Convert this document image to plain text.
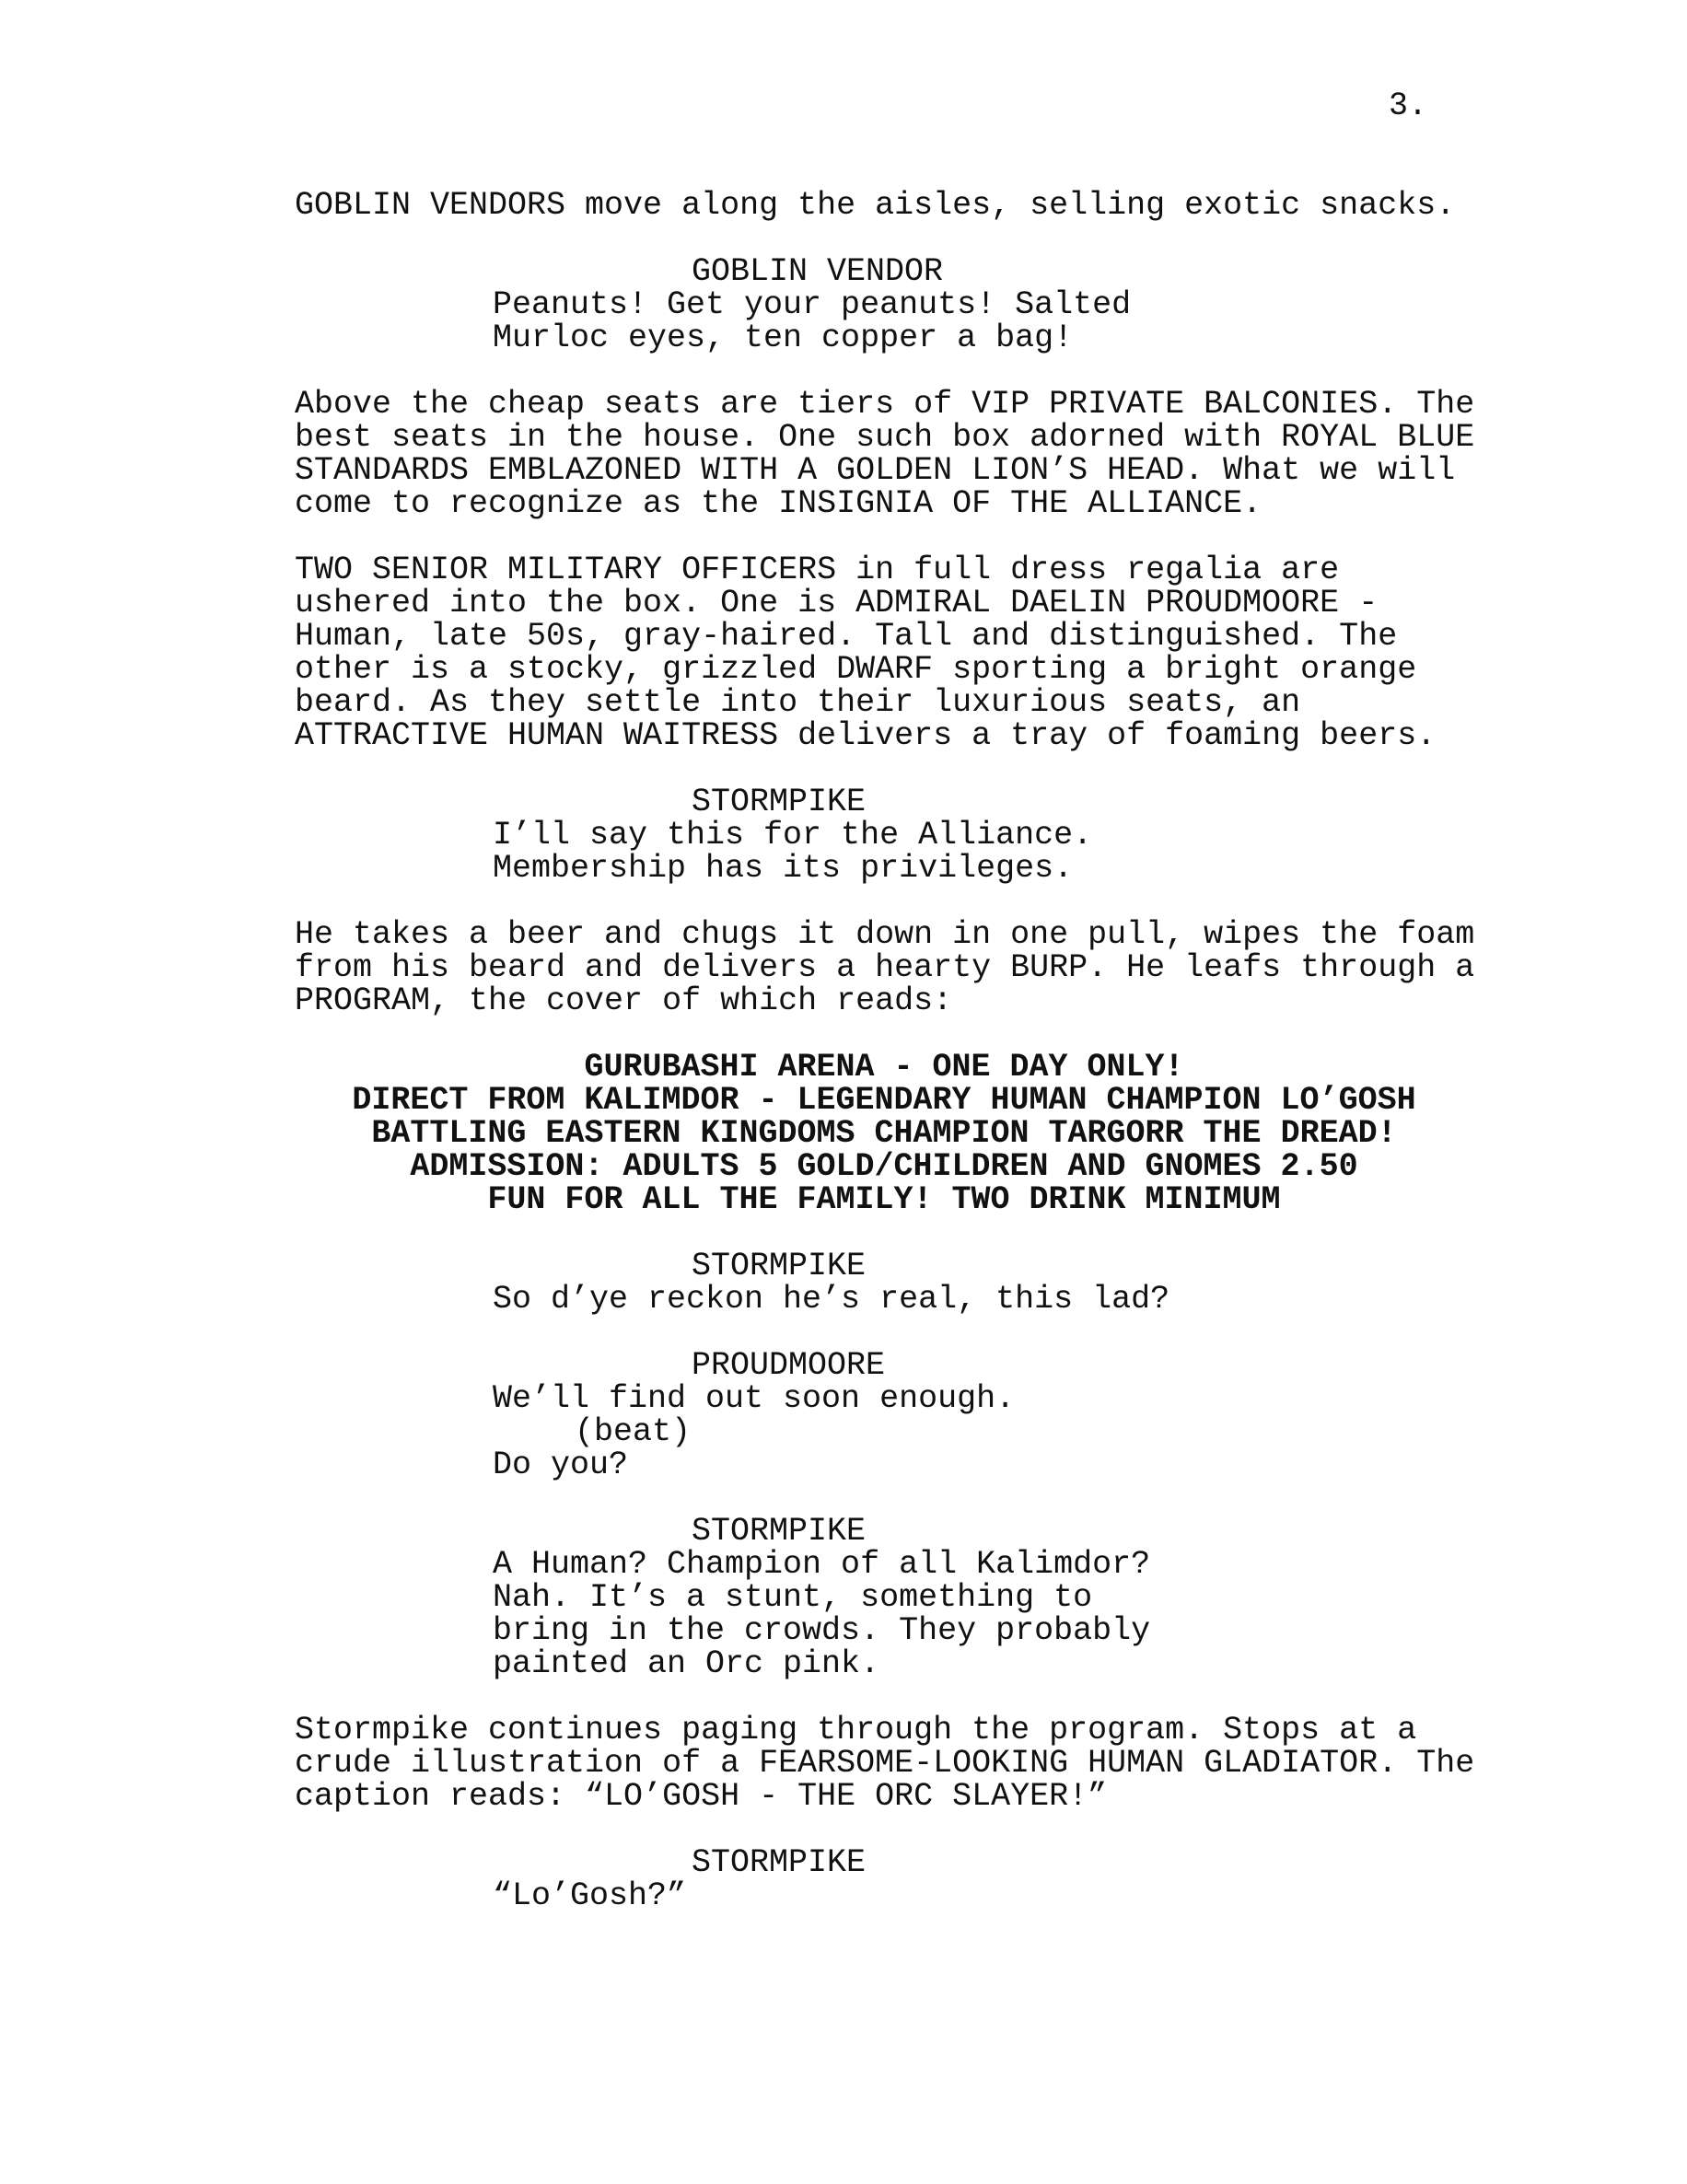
3.
GOBLIN VENDORS move along the aisles, selling exotic snacks.
GOBLIN VENDOR
Peanuts! Get your peanuts! Salted
Murloc eyes, ten copper a bag!
Above the cheap seats are tiers of VIP PRIVATE BALCONIES. The
best seats in the house. One such box adorned with ROYAL BLUE
STANDARDS EMBLAZONED WITH A GOLDEN LION’S HEAD. What we will
come to recognize as the INSIGNIA OF THE ALLIANCE.
TWO SENIOR MILITARY OFFICERS in full dress regalia are
ushered into the box. One is ADMIRAL DAELIN PROUDMOORE -
Human, late 50s, gray-haired. Tall and distinguished. The
other is a stocky, grizzled DWARF sporting a bright orange
beard. As they settle into their luxurious seats, an
ATTRACTIVE HUMAN WAITRESS delivers a tray of foaming beers.
STORMPIKE
I’ll say this for the Alliance.
Membership has its privileges.
He takes a beer and chugs it down in one pull, wipes the foam
from his beard and delivers a hearty BURP. He leafs through a
PROGRAM, the cover of which reads:
GURUBASHI ARENA - ONE DAY ONLY!
DIRECT FROM KALIMDOR - LEGENDARY HUMAN CHAMPION LO’GOSH
BATTLING EASTERN KINGDOMS CHAMPION TARGORR THE DREAD!
ADMISSION: ADULTS 5 GOLD/CHILDREN AND GNOMES 2.50
FUN FOR ALL THE FAMILY! TWO DRINK MINIMUM
STORMPIKE
So d’ye reckon he’s real, this lad?
PROUDMOORE
We’ll find out soon enough.
(beat)
Do you?
STORMPIKE
A Human? Champion of all Kalimdor?
Nah. It’s a stunt, something to
bring in the crowds. They probably
painted an Orc pink.
Stormpike continues paging through the program. Stops at a
crude illustration of a FEARSOME-LOOKING HUMAN GLADIATOR. The
caption reads: “LO’GOSH - THE ORC SLAYER!”
STORMPIKE
“Lo’Gosh?”
